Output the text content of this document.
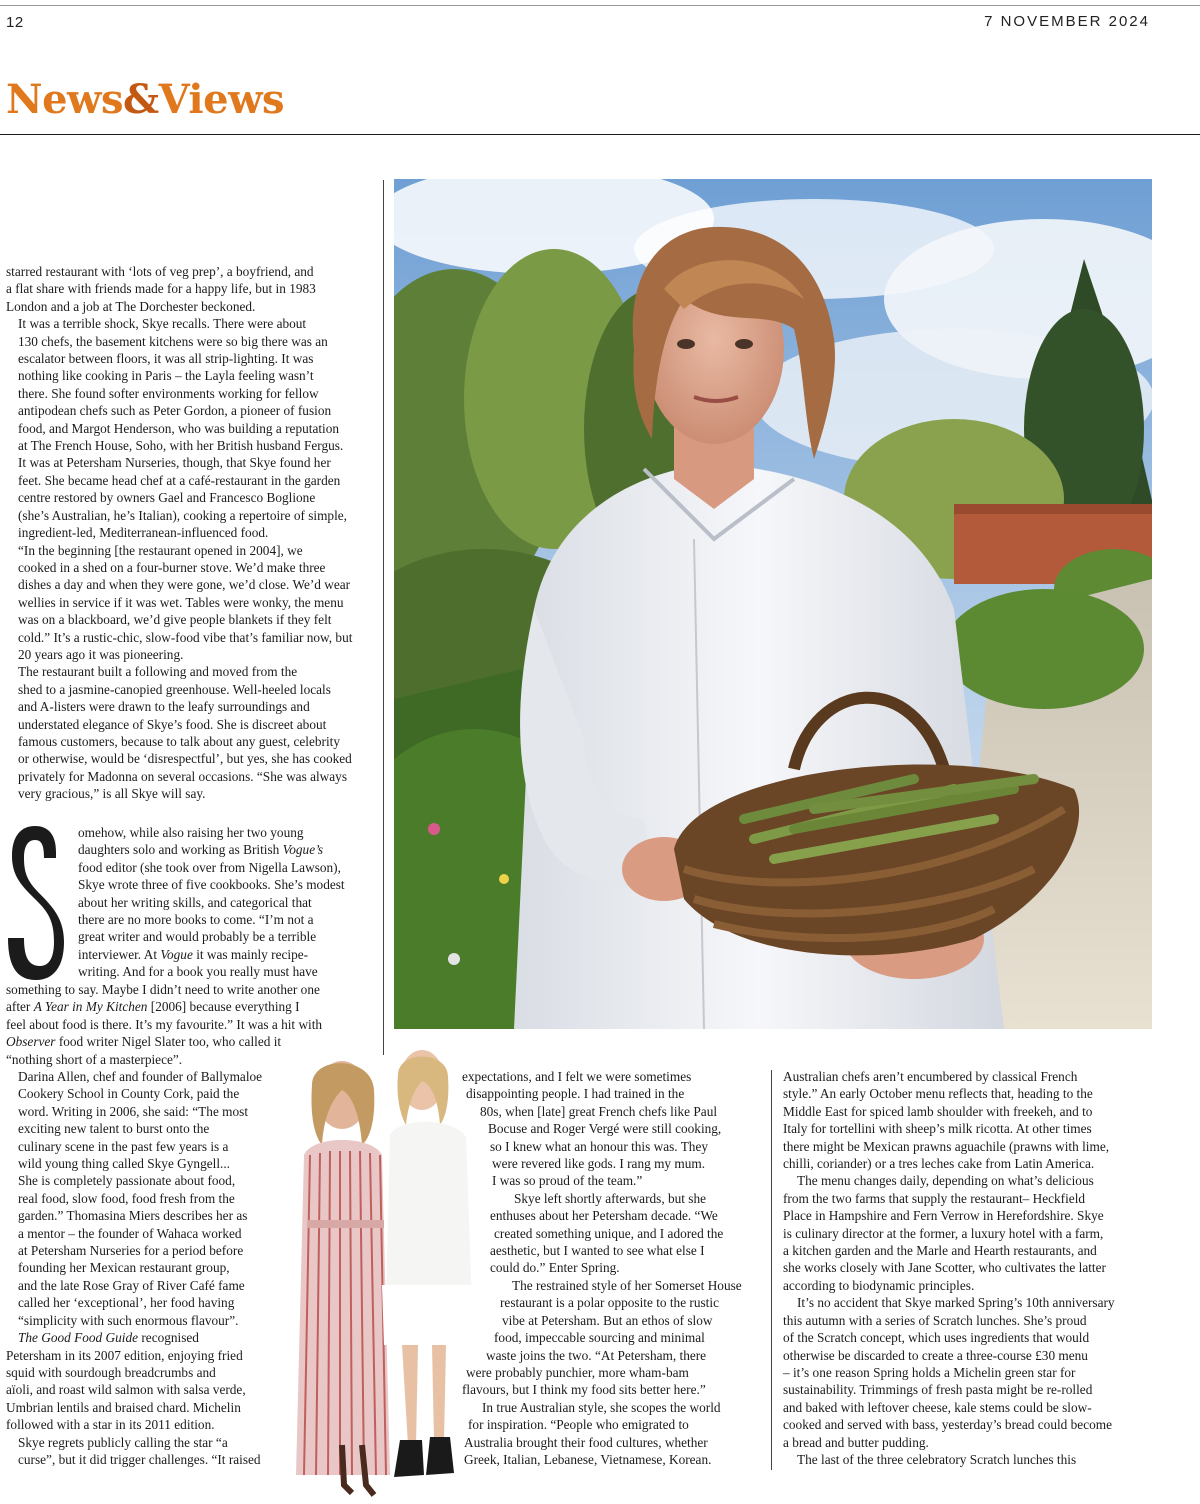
12	7 NOVEMBER 2024
News&Views

starred restaurant with ‘lots of veg prep’, a boyfriend, and
a flat share with friends made for a happy life, but in 1983
London and a job at The Dorchester beckoned.

It was a terrible shock, Skye recalls. There were about
130 chefs, the basement kitchens were so big there was an
escalator between floors, it was all strip-lighting. It was
nothing like cooking in Paris – the Layla feeling wasn’t
there. She found softer environments working for fellow
antipodean chefs such as Peter Gordon, a pioneer of fusion
food, and Margot Henderson, who was building a reputation
at The French House, Soho, with her British husband Fergus.

It was at Petersham Nurseries, though, that Skye found her
feet. She became head chef at a café-restaurant in the garden
centre restored by owners Gael and Francesco Boglione
(she’s Australian, he’s Italian), cooking a repertoire of simple,
ingredient-led, Mediterranean-influenced food.

“In the beginning [the restaurant opened in 2004], we
cooked in a shed on a four-burner stove. We’d make three
dishes a day and when they were gone, we’d close. We’d wear
wellies in service if it was wet. Tables were wonky, the menu
was on a blackboard, we’d give people blankets if they felt
cold.” It’s a rustic-chic, slow-food vibe that’s familiar now, but
20 years ago it was pioneering.

The restaurant built a following and moved from the
shed to a jasmine-canopied greenhouse. Well-heeled locals
and A-listers were drawn to the leafy surroundings and
understated elegance of Skye’s food. She is discreet about
famous customers, because to talk about any guest, celebrity
or otherwise, would be ‘disrespectful’, but yes, she has cooked
privately for Madonna on several occasions. “She was always
very gracious,” is all Skye will say.

omehow, while also raising her two young
daughters solo and working as British Vogue’s
food editor (she took over from Nigella Lawson),
Skye wrote three of five cookbooks. She’s modest
about her writing skills, and categorical that
there are no more books to come. “I’m not a
great writer and would probably be a terrible
interviewer. At Vogue it was mainly recipe-
writing. And for a book you really must have
something to say. Maybe I didn’t need to write another one
after A Year in My Kitchen [2006] because everything I
feel about food is there. It’s my favourite.” It was a hit with
Observer food writer Nigel Slater too, who called it
“nothing short of a masterpiece”.

Darina Allen, chef and founder of Ballymaloe
Cookery School in County Cork, paid the
word. Writing in 2006, she said: “The most
exciting new talent to burst onto the
culinary scene in the past few years is a
wild young thing called Skye Gyngell...
She is completely passionate about food,
real food, slow food, food fresh from the
garden.” Thomasina Miers describes her as
a mentor – the founder of Wahaca worked
at Petersham Nurseries for a period before
founding her Mexican restaurant group,
and the late Rose Gray of River Café fame
called her ‘exceptional’, her food having
“simplicity with such enormous flavour”.

The Good Food Guide recognised

Petersham in its 2007 edition, enjoying fried
squid with sourdough breadcrumbs and
aïoli, and roast wild salmon with salsa verde,
Umbrian lentils and braised chard. Michelin
followed with a star in its 2011 edition.

Skye regrets publicly calling the star “a
curse”, but it did trigger challenges. “It raised

expectations, and I felt we were sometimes
disappointing people. I had trained in the
80s, when [late] great French chefs like Paul
Bocuse and Roger Vergé were still cooking,
so I knew what an honour this was. They
were revered like gods. I rang my mum.
I was so proud of the team.”
Skye left shortly afterwards, but she
enthuses about her Petersham decade. “We
created something unique, and I adored the
aesthetic, but I wanted to see what else I
could do.” Enter Spring.
The restrained style of her Somerset House
restaurant is a polar opposite to the rustic
vibe at Petersham. But an ethos of slow
food, impeccable sourcing and minimal
waste joins the two. “At Petersham, there
were probably punchier, more wham-bam
flavours, but I think my food sits better here.”
In true Australian style, she scopes the world
for inspiration. “People who emigrated to
Australia brought their food cultures, whether
Greek, Italian, Lebanese, Vietnamese, Korean.
Australian chefs aren’t encumbered by classical French
style.” An early October menu reflects that, heading to the
Middle East for spiced lamb shoulder with freekeh, and to
Italy for tortellini with sheep’s milk ricotta. At other times
there might be Mexican prawns aguachile (prawns with lime,
chilli, coriander) or a tres leches cake from Latin America.
The menu changes daily, depending on what’s delicious
from the two farms that supply the restaurant– Heckfield
Place in Hampshire and Fern Verrow in Herefordshire. Skye
is culinary director at the former, a luxury hotel with a farm,
a kitchen garden and the Marle and Hearth restaurants, and
she works closely with Jane Scotter, who cultivates the latter
according to biodynamic principles.
It’s no accident that Skye marked Spring’s 10th anniversary
this autumn with a series of Scratch lunches. She’s proud
of the Scratch concept, which uses ingredients that would
otherwise be discarded to create a three-course £30 menu
– it’s one reason Spring holds a Michelin green star for
sustainability. Trimmings of fresh pasta might be re-rolled
and baked with leftover cheese, kale stems could be slow-
cooked and served with bass, yesterday’s bread could become
a bread and butter pudding.
The last of the three celebratory Scratch lunches this
